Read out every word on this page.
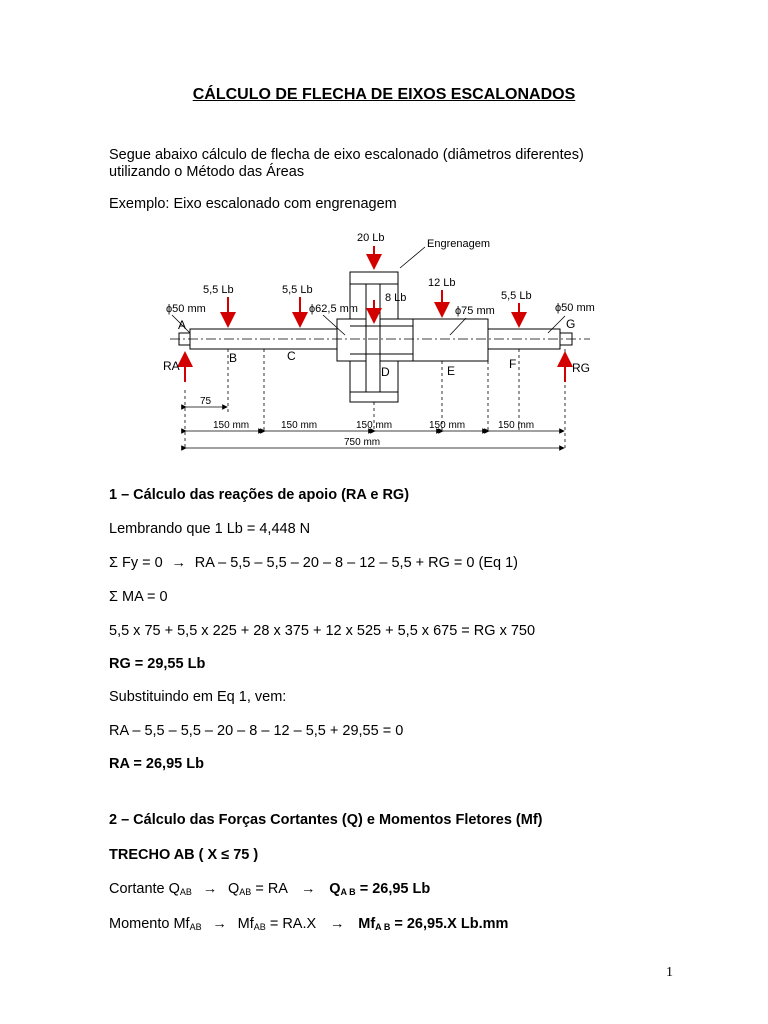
CÁLCULO DE FLECHA DE EIXOS ESCALONADOS
Segue abaixo cálculo de flecha de eixo escalonado (diâmetros diferentes)
utilizando o Método das Áreas
Exemplo: Eixo escalonado com engrenagem
20 Lb	Engrenagem
12 Lb
5,5 Lb	5,5 Lb
8 Lb	5,5 Lb
ϕ50 mm	ϕ62,5 mm	ϕ75 mm	ϕ50 mm
A
B	C
D	E	F
G
RA	RG
75
150 mm	150 mm	150 mm	150 mm	150 mm
750 mm
1 – Cálculo das reações de apoio (RA e RG)
Lembrando que 1 Lb = 4,448 N
Σ Fy = 0 → RA – 5,5 – 5,5 – 20 – 8 – 12 – 5,5 + RG = 0 (Eq 1)
Σ MA = 0
5,5 x 75 + 5,5 x 225 + 28 x 375 + 12 x 525 + 5,5 x 675 = RG x 750
RG = 29,55 Lb
Substituindo em Eq 1, vem:
RA – 5,5 – 5,5 – 20 – 8 – 12 – 5,5 + 29,55 = 0
RA = 26,95 Lb
2 – Cálculo das Forças Cortantes (Q) e Momentos Fletores (Mf)
TRECHO AB ( X ≤ 75 )
Cortante $Q_{AB} \to Q_{AB}$ = RA → $Q_{A B} = 26,95$ Lb
Momento $Mf_{AB} \to Mf_{AB} = RA.X \to Mf_{A B} = 26,95.X$ Lb.mm
1
